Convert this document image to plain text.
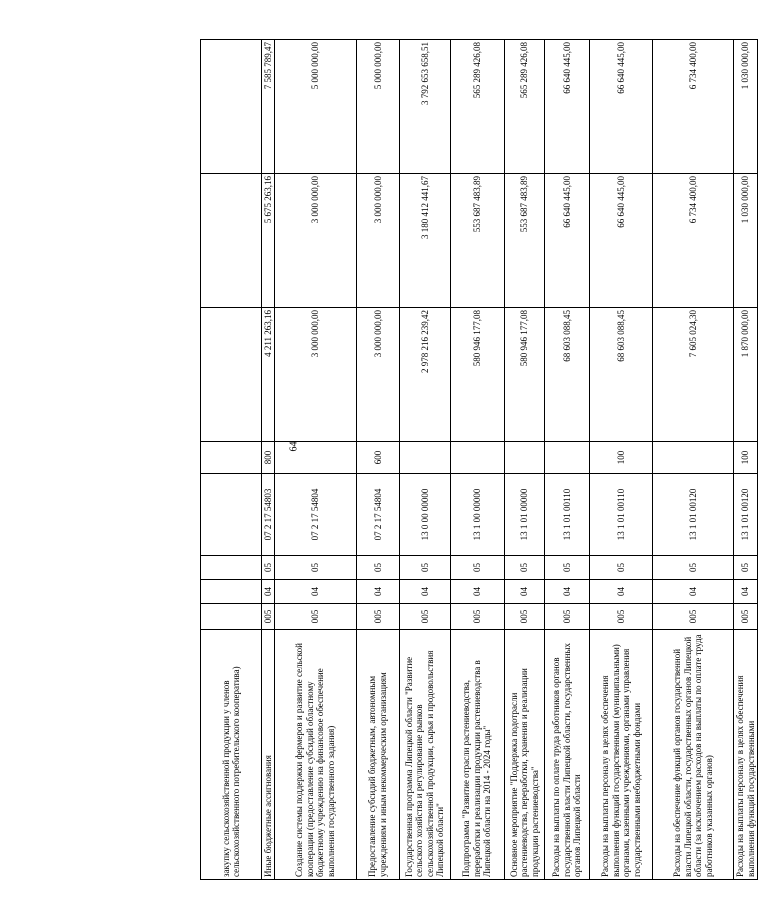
64
закупку сельскохозяйственной продукции у членов сельскохозяйственного потребительского кооператива)								
Иные бюджетные ассигнования	005	04	05	07 2 17 54803	800	4 211 263,16	5 675 263,16	7 585 789,47
Создание системы поддержки фермеров и развитие сельской кооперации (предоставление субсидий областному бюджетному учреждению на финансовое обеспечение выполнения государственного задания)	005	04	05	07 2 17 54804		3 000 000,00	3 000 000,00	5 000 000,00
Предоставление субсидий бюджетным, автономным учреждениям и иным некоммерческим организациям	005	04	05	07 2 17 54804	600	3 000 000,00	3 000 000,00	5 000 000,00
Государственная программа Липецкой области "Развитие сельского хозяйства и регулирование рынков сельскохозяйственной продукции, сырья и продовольствия Липецкой области"	005	04	05	13 0 00 00000		2 978 216 239,42	3 180 412 441,67	3 792 653 658,51
Подпрограмма "Развитие отрасли растениеводства, переработки и реализации продукции растениеводства в Липецкой области на 2014 - 2024 годы"	005	04	05	13 1 00 00000		580 946 177,08	553 687 483,89	565 289 426,08
Основное мероприятие "Поддержка подотрасли растениеводства, переработки, хранения и реализации продукции растениеводства"	005	04	05	13 1 01 00000		580 946 177,08	553 687 483,89	565 289 426,08
Расходы на выплаты по оплате труда работников органов государственной власти Липецкой области, государственных органов Липецкой области	005	04	05	13 1 01 00110		68 603 088,45	66 640 445,00	66 640 445,00
Расходы на выплаты персоналу в целях обеспечения выполнения функций государственными (муниципальными) органами, казенными учреждениями, органами управления государственными внебюджетными фондами	005	04	05	13 1 01 00110	100	68 603 088,45	66 640 445,00	66 640 445,00
Расходы на обеспечение функций органов государственной власти Липецкой области, государственных органов Липецкой области (за исключением расходов на выплаты по оплате труда работников указанных органов)	005	04	05	13 1 01 00120		7 605 024,30	6 734 400,00	6 734 400,00
Расходы на выплаты персоналу в целях обеспечения выполнения функций государственными	005	04	05	13 1 01 00120	100	1 870 000,00	1 030 000,00	1 030 000,00
